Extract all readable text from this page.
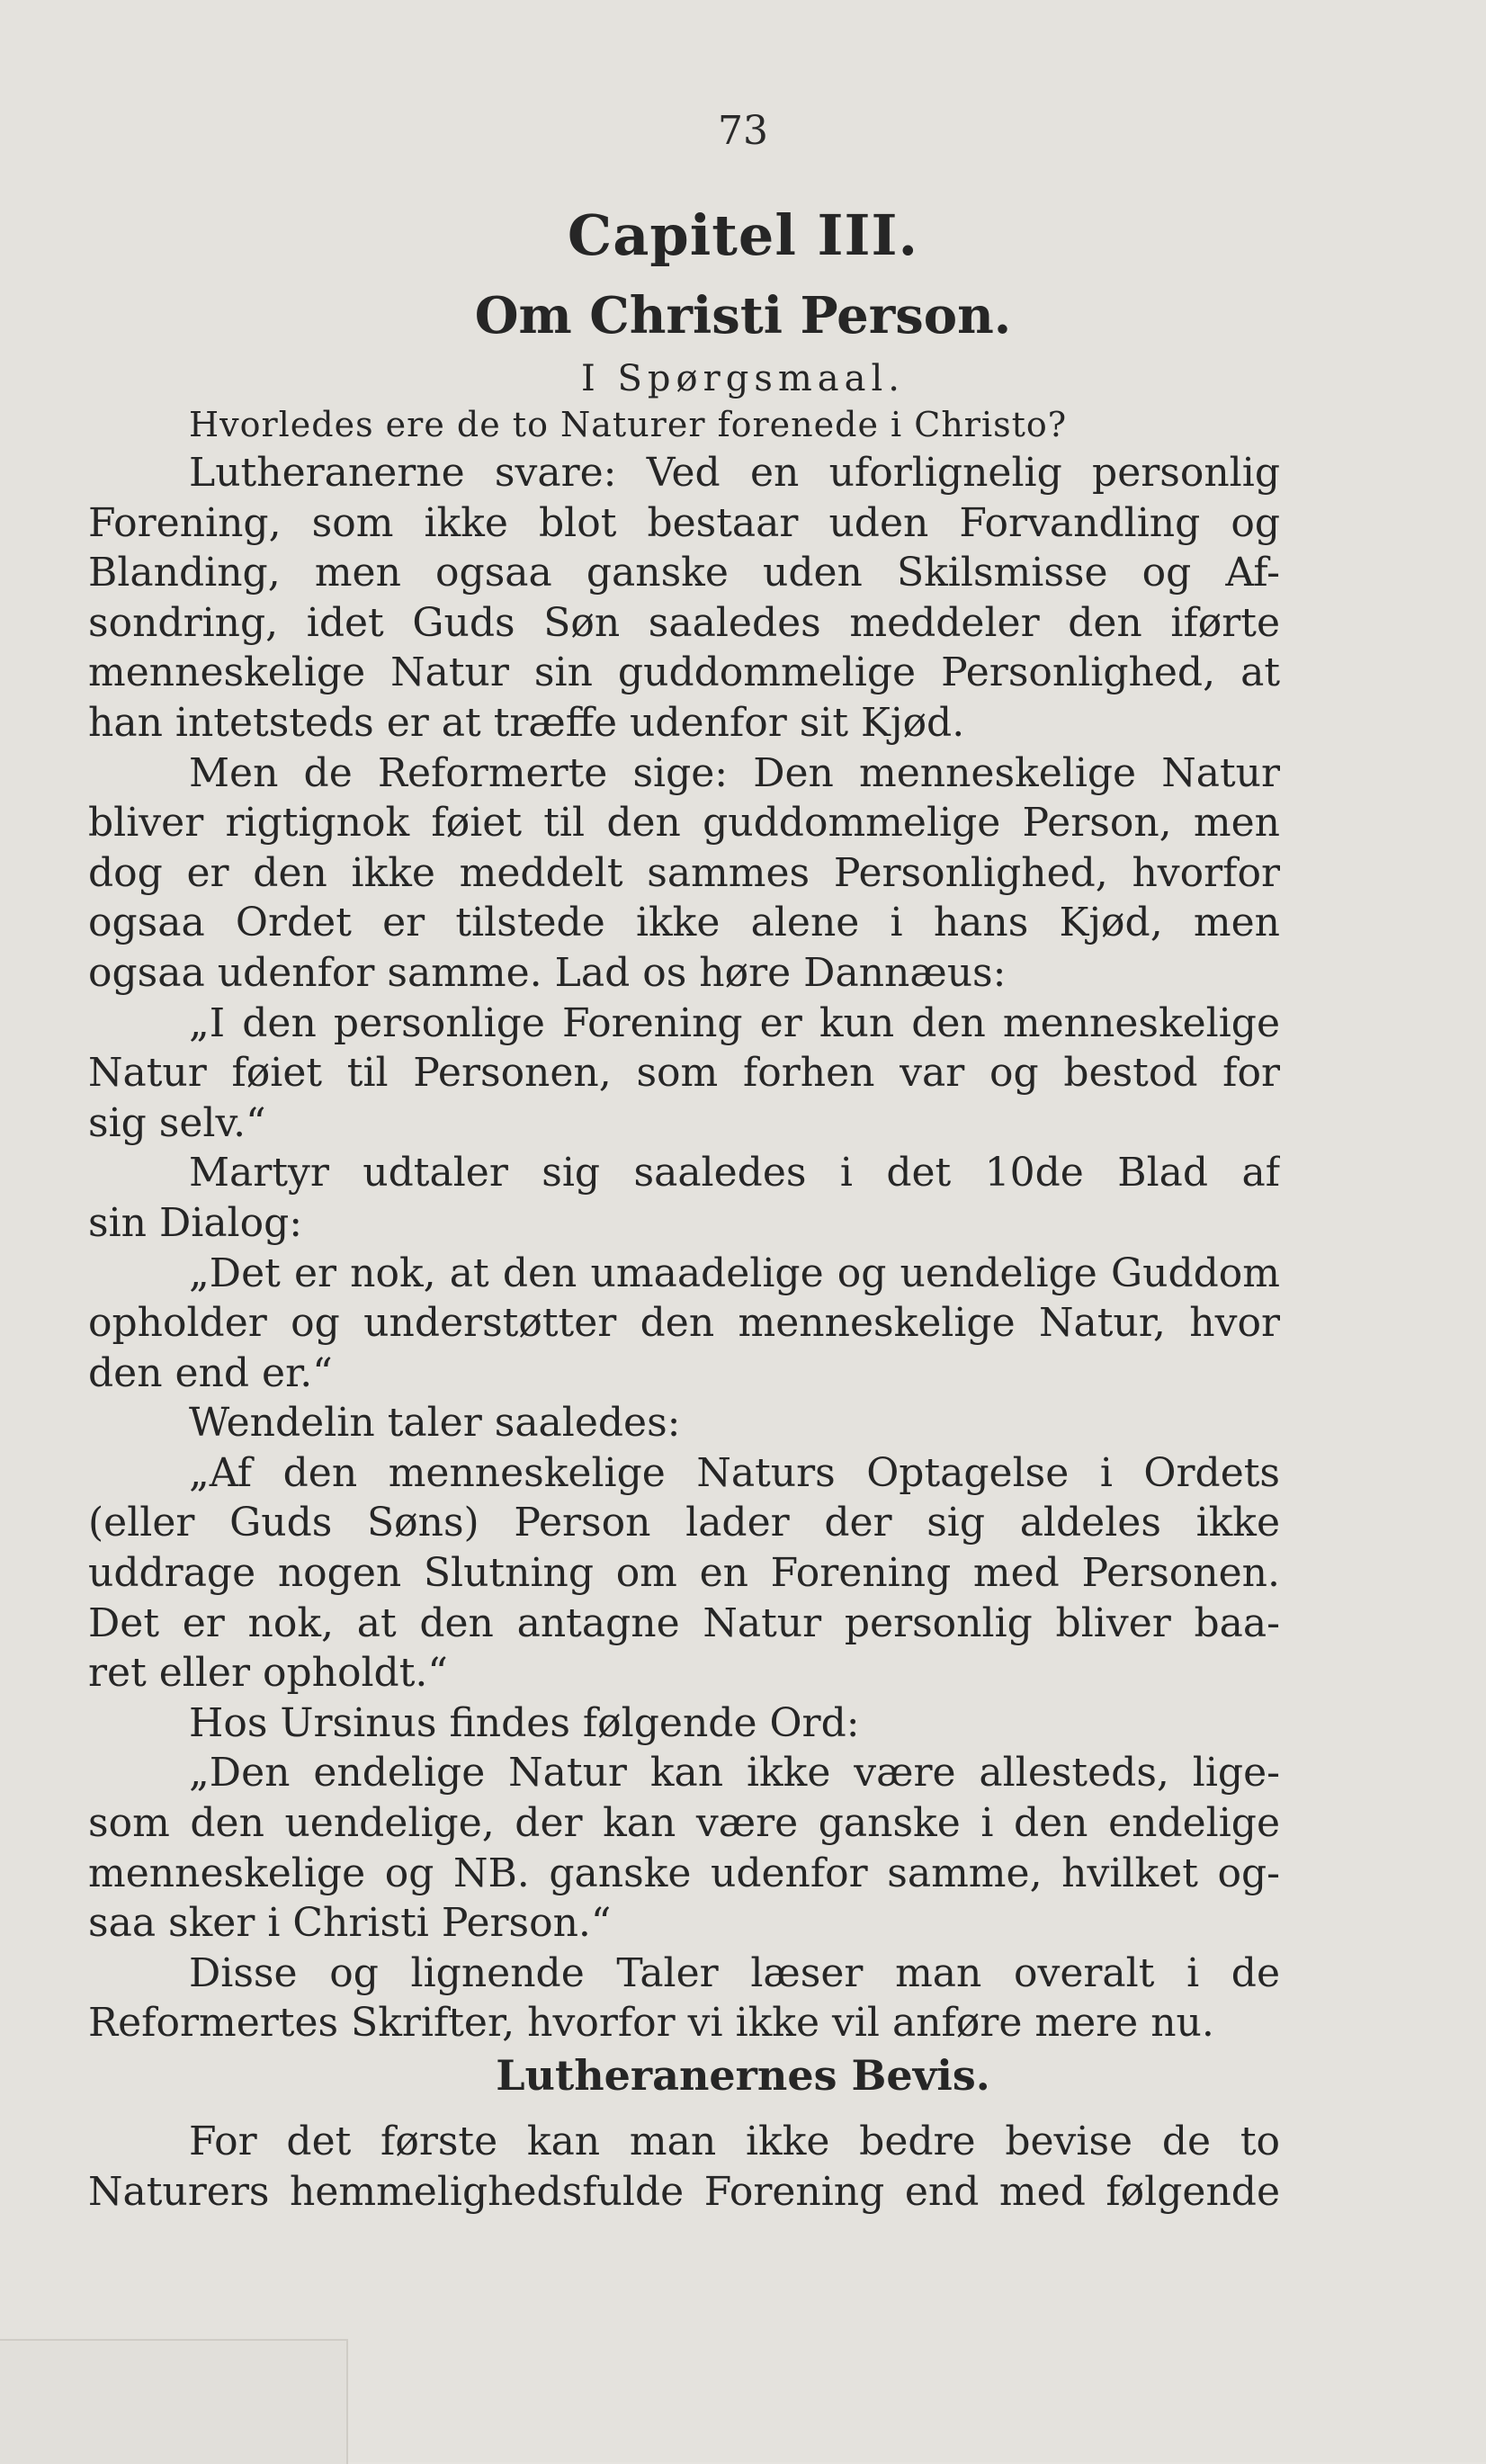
73
Capitel III.
Om Christi Person.
I Spørgsmaal.
Hvorledes ere de to Naturer forenede i Christo?
Lutheranerne svare: Ved en uforlignelig personlig
Forening, som ikke blot bestaar uden Forvandling og
Blanding, men ogsaa ganske uden Skilsmisse og Af-
sondring, idet Guds Søn saaledes meddeler den iførte
menneskelige Natur sin guddommelige Personlighed, at
han intetsteds er at træffe udenfor sit Kjød.
Men de Reformerte sige: Den menneskelige Natur
bliver rigtignok føiet til den guddommelige Person, men
dog er den ikke meddelt sammes Personlighed, hvorfor
ogsaa Ordet er tilstede ikke alene i hans Kjød, men
ogsaa udenfor samme. Lad os høre Dannæus:
„I den personlige Forening er kun den menneskelige
Natur føiet til Personen, som forhen var og bestod for
sig selv.“
Martyr udtaler sig saaledes i det 10de Blad af
sin Dialog:
„Det er nok, at den umaadelige og uendelige Guddom
opholder og understøtter den menneskelige Natur, hvor
den end er.“
Wendelin taler saaledes:
„Af den menneskelige Naturs Optagelse i Ordets
(eller Guds Søns) Person lader der sig aldeles ikke
uddrage nogen Slutning om en Forening med Personen.
Det er nok, at den antagne Natur personlig bliver baa-
ret eller opholdt.“
Hos Ursinus findes følgende Ord:
„Den endelige Natur kan ikke være allesteds, lige-
som den uendelige, der kan være ganske i den endelige
menneskelige og NB. ganske udenfor samme, hvilket og-
saa sker i Christi Person.“
Disse og lignende Taler læser man overalt i de
Reformertes Skrifter, hvorfor vi ikke vil anføre mere nu.
Lutheranernes Bevis.
For det første kan man ikke bedre bevise de to
Naturers hemmelighedsfulde Forening end med følgende
